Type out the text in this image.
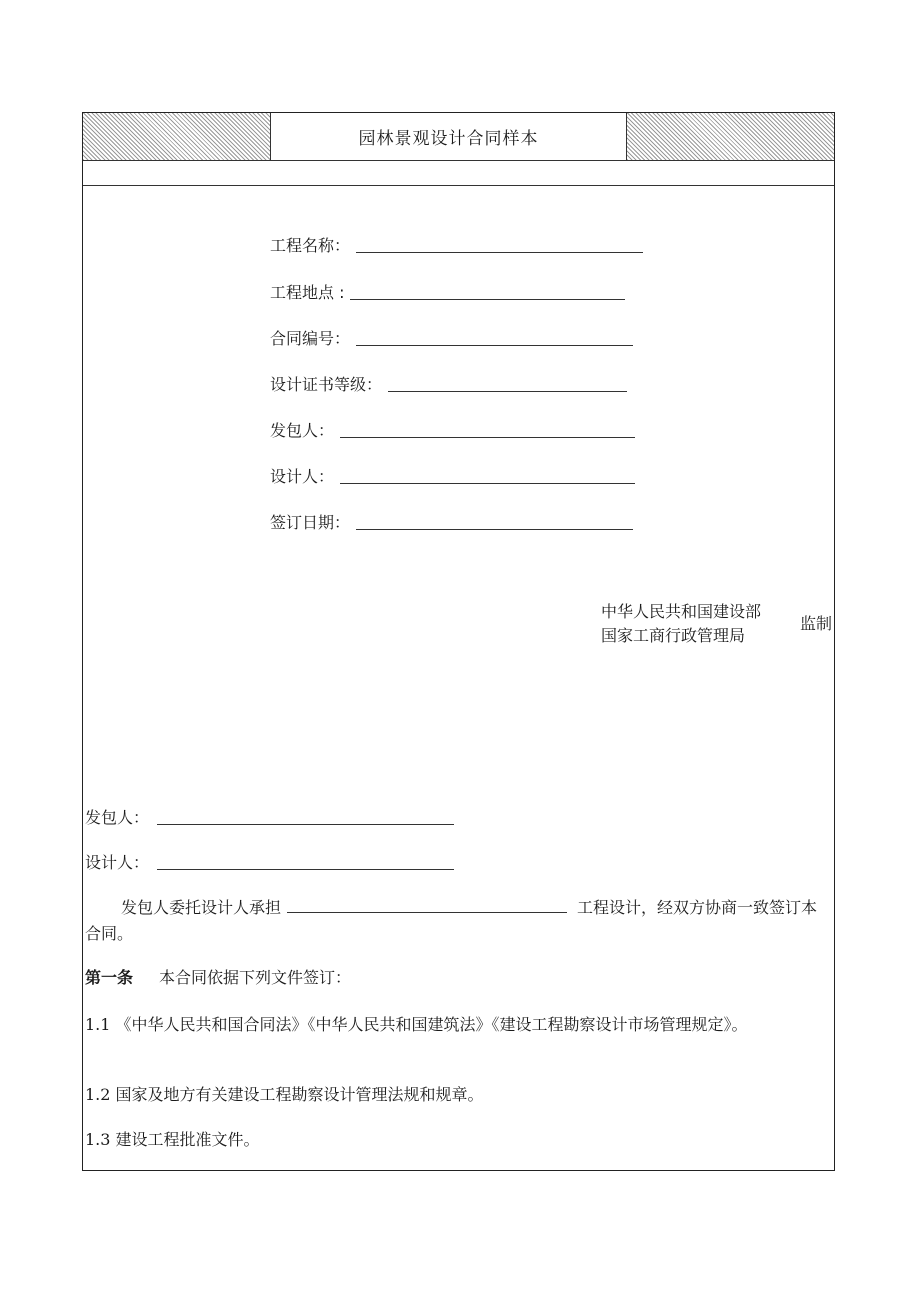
园林景观设计合同样本
工程名称：
工程地点 :
合同编号：
设计证书等级：
发包人：
设计人：
签订日期：
中华人民共和国建设部
国家工商行政管理局
监制
发包人：
设计人：
发包人委托设计人承担	工程设计，经双方协商一致签订本合同。
第一条 本合同依据下列文件签订：
1.1 《中华人民共和国合同法》《中华人民共和国建筑法》《建设工程勘察设计市场管理规定》。
1.2 国家及地方有关建设工程勘察设计管理法规和规章。
1.3 建设工程批准文件。
